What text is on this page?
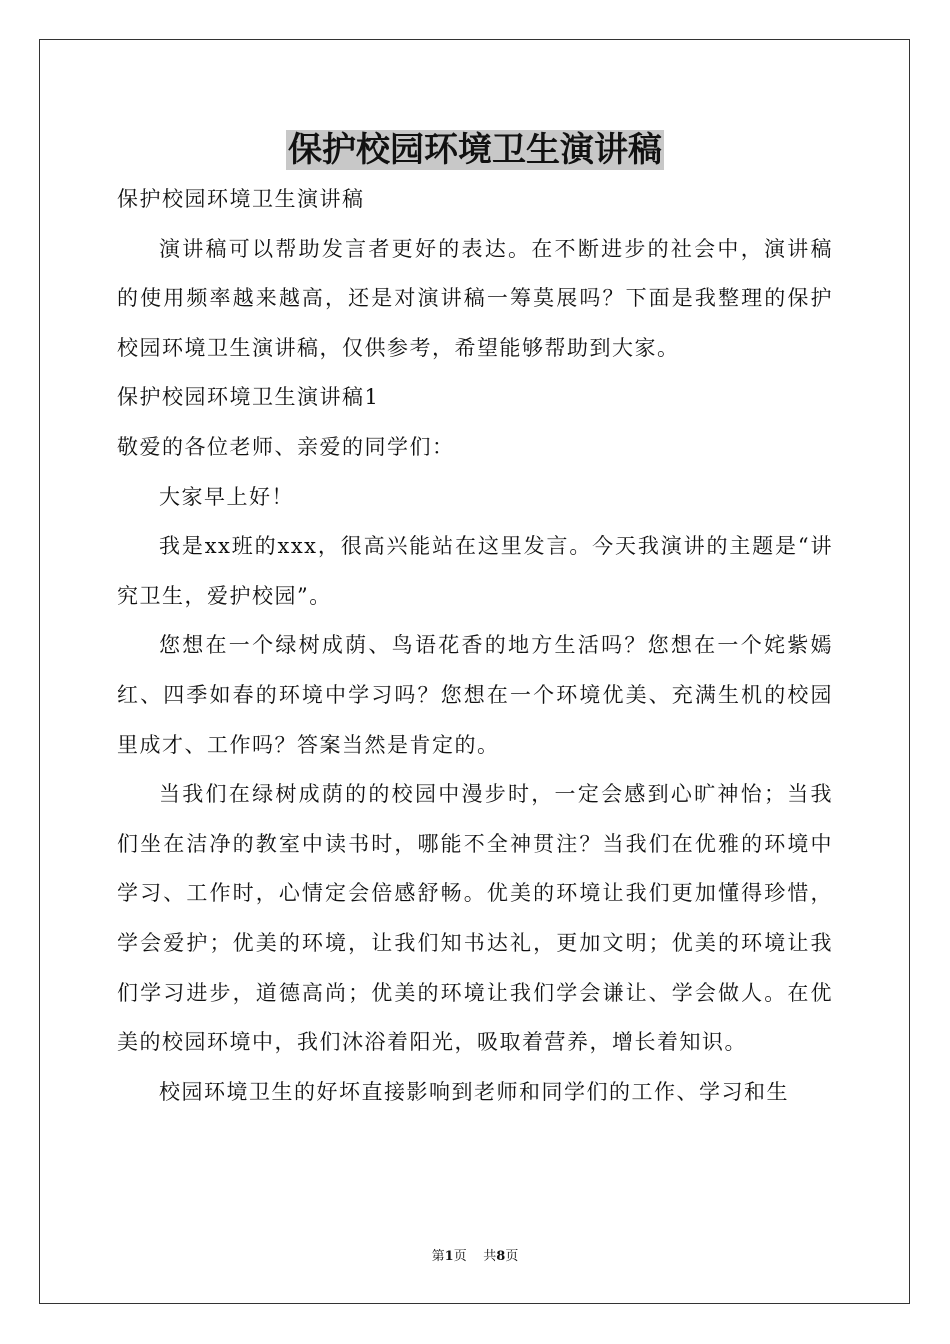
保护校园环境卫生演讲稿

保护校园环境卫生演讲稿

演讲稿可以帮助发言者更好的表达。在不断进步的社会中，演讲稿的使用频率越来越高，还是对演讲稿一筹莫展吗？下面是我整理的保护校园环境卫生演讲稿，仅供参考，希望能够帮助到大家。

保护校园环境卫生演讲稿1

敬爱的各位老师、亲爱的同学们：

大家早上好！

我是xx班的xxx，很高兴能站在这里发言。今天我演讲的主题是“讲究卫生，爱护校园”。

您想在一个绿树成荫、鸟语花香的地方生活吗？您想在一个姹紫嫣红、四季如春的环境中学习吗？您想在一个环境优美、充满生机的校园里成才、工作吗？答案当然是肯定的。

当我们在绿树成荫的的校园中漫步时，一定会感到心旷神怡；当我们坐在洁净的教室中读书时，哪能不全神贯注？当我们在优雅的环境中学习、工作时，心情定会倍感舒畅。优美的环境让我们更加懂得珍惜，学会爱护；优美的环境，让我们知书达礼，更加文明；优美的环境让我们学习进步，道德高尚；优美的环境让我们学会谦让、学会做人。在优美的校园环境中，我们沐浴着阳光，吸取着营养，增长着知识。

校园环境卫生的好坏直接影响到老师和同学们的工作、学习和生

第1页 共8页
